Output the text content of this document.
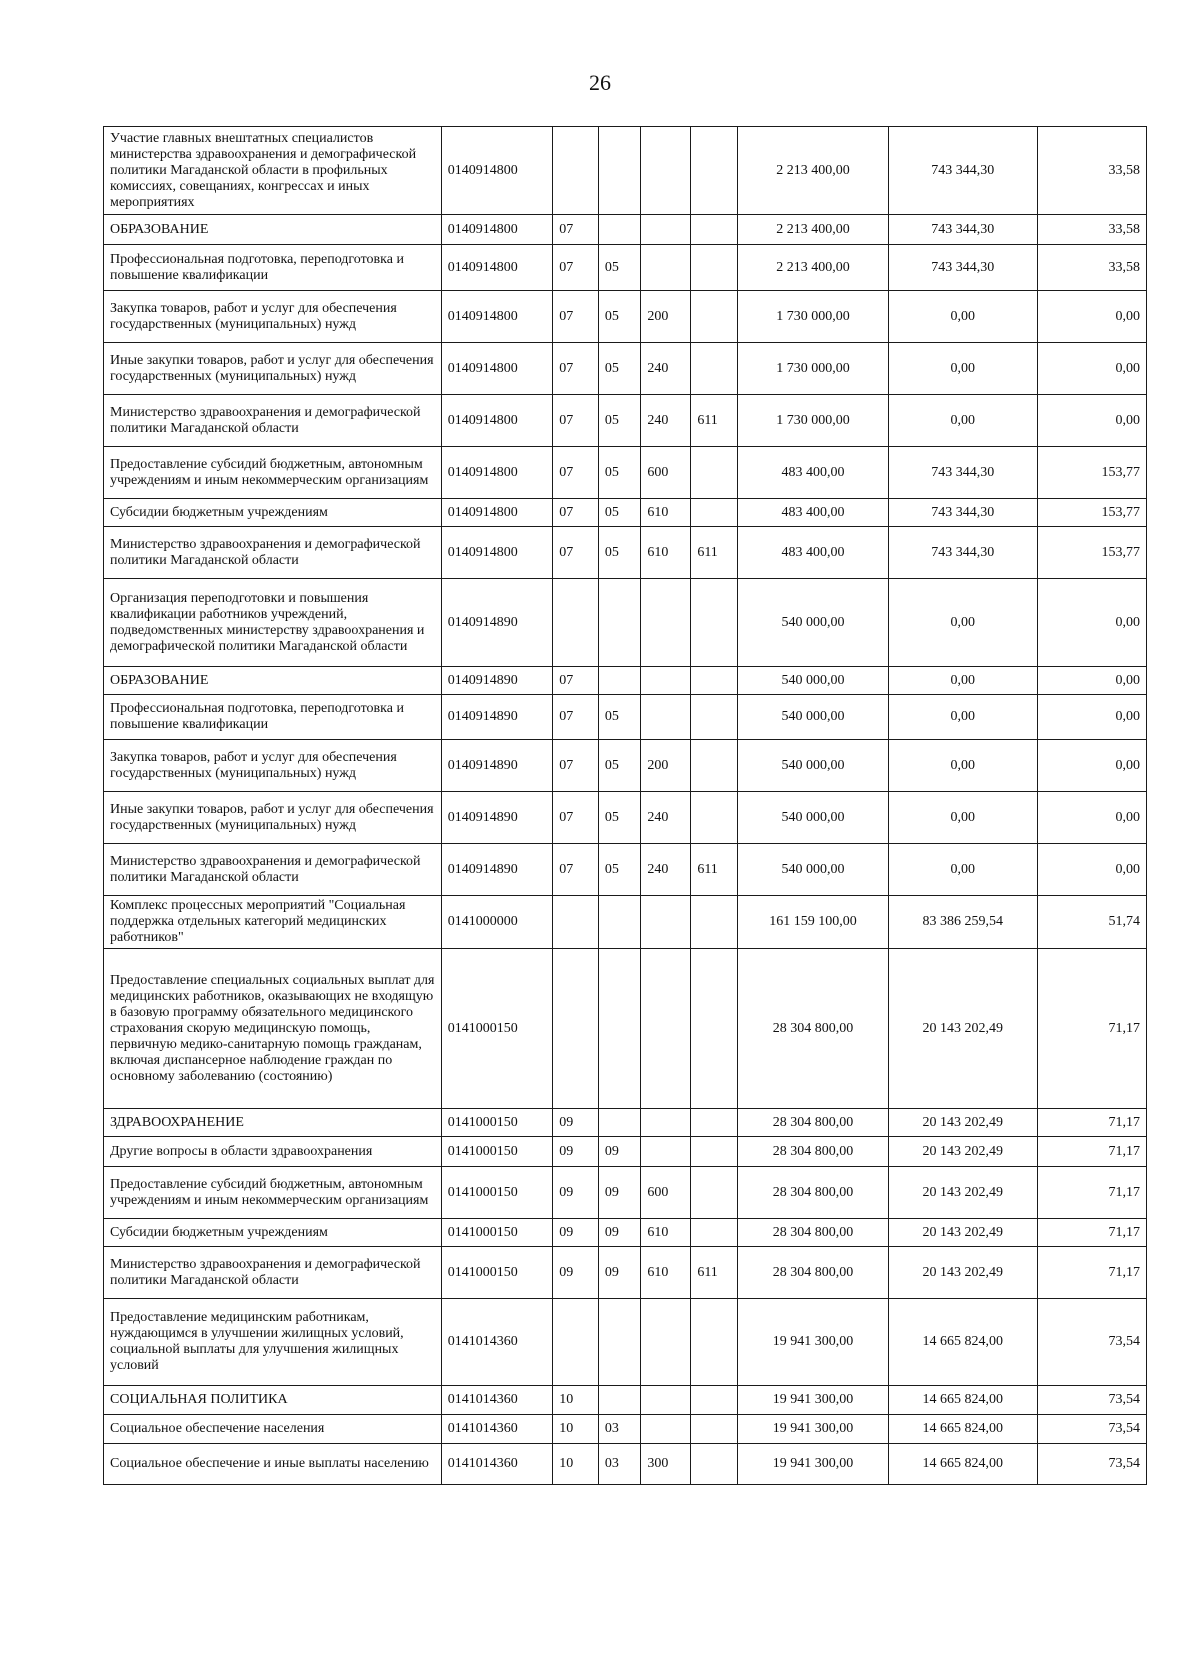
26
Участие главных внештатных специалистов министерства здравоохранения и демографической политики Магаданской области в профильных комиссиях, совещаниях, конгрессах и иных мероприятиях	0140914800					2 213 400,00	743 344,30	33,58
ОБРАЗОВАНИЕ	0140914800	07				2 213 400,00	743 344,30	33,58
Профессиональная подготовка, переподготовка и повышение квалификации	0140914800	07	05			2 213 400,00	743 344,30	33,58
Закупка товаров, работ и услуг для обеспечения государственных (муниципальных) нужд	0140914800	07	05	200		1 730 000,00	0,00	0,00
Иные закупки товаров, работ и услуг для обеспечения государственных (муниципальных) нужд	0140914800	07	05	240		1 730 000,00	0,00	0,00
Министерство здравоохранения и демографической политики Магаданской области	0140914800	07	05	240	611	1 730 000,00	0,00	0,00
Предоставление субсидий бюджетным, автономным учреждениям и иным некоммерческим организациям	0140914800	07	05	600		483 400,00	743 344,30	153,77
Субсидии бюджетным учреждениям	0140914800	07	05	610		483 400,00	743 344,30	153,77
Министерство здравоохранения и демографической политики Магаданской области	0140914800	07	05	610	611	483 400,00	743 344,30	153,77
Организация переподготовки и повышения квалификации работников учреждений, подведомственных министерству здравоохранения и демографической политики Магаданской области	0140914890					540 000,00	0,00	0,00
ОБРАЗОВАНИЕ	0140914890	07				540 000,00	0,00	0,00
Профессиональная подготовка, переподготовка и повышение квалификации	0140914890	07	05			540 000,00	0,00	0,00
Закупка товаров, работ и услуг для обеспечения государственных (муниципальных) нужд	0140914890	07	05	200		540 000,00	0,00	0,00
Иные закупки товаров, работ и услуг для обеспечения государственных (муниципальных) нужд	0140914890	07	05	240		540 000,00	0,00	0,00
Министерство здравоохранения и демографической политики Магаданской области	0140914890	07	05	240	611	540 000,00	0,00	0,00
Комплекс процессных мероприятий "Социальная поддержка отдельных категорий медицинских работников"	0141000000					161 159 100,00	83 386 259,54	51,74
Предоставление специальных социальных выплат для медицинских работников, оказывающих не входящую в базовую программу обязательного медицинского страхования скорую медицинскую помощь, первичную медико-санитарную помощь гражданам, включая диспансерное наблюдение граждан по основному заболеванию (состоянию)	0141000150					28 304 800,00	20 143 202,49	71,17
ЗДРАВООХРАНЕНИЕ	0141000150	09				28 304 800,00	20 143 202,49	71,17
Другие вопросы в области здравоохранения	0141000150	09	09			28 304 800,00	20 143 202,49	71,17
Предоставление субсидий бюджетным, автономным учреждениям и иным некоммерческим организациям	0141000150	09	09	600		28 304 800,00	20 143 202,49	71,17
Субсидии бюджетным учреждениям	0141000150	09	09	610		28 304 800,00	20 143 202,49	71,17
Министерство здравоохранения и демографической политики Магаданской области	0141000150	09	09	610	611	28 304 800,00	20 143 202,49	71,17
Предоставление медицинским работникам, нуждающимся в улучшении жилищных условий, социальной выплаты для улучшения жилищных условий	0141014360					19 941 300,00	14 665 824,00	73,54
СОЦИАЛЬНАЯ ПОЛИТИКА	0141014360	10				19 941 300,00	14 665 824,00	73,54
Социальное обеспечение населения	0141014360	10	03			19 941 300,00	14 665 824,00	73,54
Социальное обеспечение и иные выплаты населению	0141014360	10	03	300		19 941 300,00	14 665 824,00	73,54
